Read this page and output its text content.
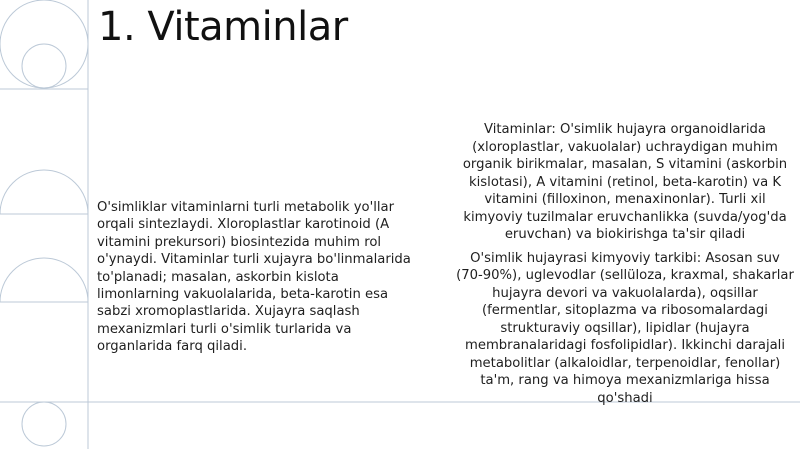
1. Vitaminlar

O'simliklar vitaminlarni turli metabolik yo'llar orqali sintezlaydi. Xloroplastlar karotinoid (A vitamini prekursori) biosintezida muhim rol o'ynaydi. Vitaminlar turli xujayra bo'linmalarida to'planadi; masalan, askorbin kislota limonlarning vakuolalarida, beta-karotin esa sabzi xromoplastlarida. Xujayra saqlash mexanizmlari turli o'simlik turlarida va organlarida farq qiladi.

Vitaminlar: O'simlik hujayra organoidlarida (xloroplastlar, vakuolalar) uchraydigan muhim organik birikmalar, masalan, S vitamini (askorbin kislotasi), A vitamini (retinol, beta-karotin) va K vitamini (filloxinon, menaxinonlar). Turli xil kimyoviy tuzilmalar eruvchanlikka (suvda/yog'da eruvchan) va biokirishga ta'sir qiladi

O'simlik hujayrasi kimyoviy tarkibi: Asosan suv (70-90%), uglevodlar (sellüloza, kraxmal, shakarlar hujayra devori va vakuolalarda), oqsillar (fermentlar, sitoplazma va ribosomalardagi strukturaviy oqsillar), lipidlar (hujayra membranalaridagi fosfolipidlar). Ikkinchi darajali metabolitlar (alkaloidlar, terpenoidlar, fenollar) ta'm, rang va himoya mexanizmlariga hissa qo'shadi
